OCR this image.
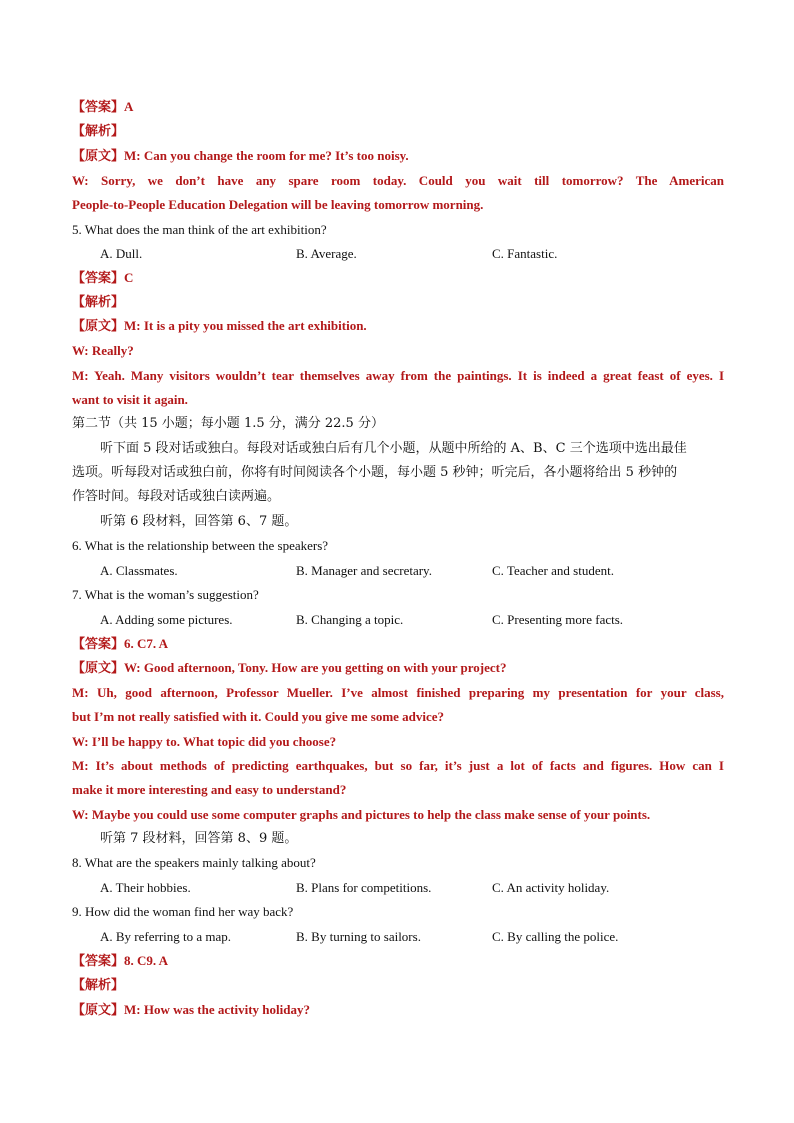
【答案】A
【解析】
【原文】M: Can you change the room for me? It’s too noisy.
W: Sorry, we don’t have any spare room today. Could you wait till tomorrow? The American
People-to-People Education Delegation will be leaving tomorrow morning.
5. What does the man think of the art exhibition?
A. Dull.	B. Average.	C. Fantastic.
【答案】C
【解析】
【原文】M: It is a pity you missed the art exhibition.
W: Really?
M: Yeah. Many visitors wouldn’t tear themselves away from the paintings. It is indeed a great feast of eyes. I
want to visit it again.
第二节（共 15 小题；每小题 1.5 分，满分 22.5 分）
听下面 5 段对话或独白。每段对话或独白后有几个小题，从题中所给的 A、B、C 三个选项中选出最佳
选项。听每段对话或独白前，你将有时间阅读各个小题，每小题 5 秒钟；听完后，各小题将给出 5 秒钟的
作答时间。每段对话或独白读两遍。
听第 6 段材料，回答第 6、7 题。
6. What is the relationship between the speakers?
A. Classmates.	B. Manager and secretary.	C. Teacher and student.
7. What is the woman’s suggestion?
A. Adding some pictures.	B. Changing a topic.	C. Presenting more facts.
【答案】6. C7. A
【原文】W: Good afternoon, Tony. How are you getting on with your project?
M: Uh, good afternoon, Professor Mueller. I’ve almost finished preparing my presentation for your class,
but I’m not really satisfied with it. Could you give me some advice?
W: I’ll be happy to. What topic did you choose?
M: It’s about methods of predicting earthquakes, but so far, it’s just a lot of facts and figures. How can I
make it more interesting and easy to understand?
W: Maybe you could use some computer graphs and pictures to help the class make sense of your points.
听第 7 段材料，回答第 8、9 题。
8. What are the speakers mainly talking about?
A. Their hobbies.	B. Plans for competitions.	C. An activity holiday.
9. How did the woman find her way back?
A. By referring to a map.	B. By turning to sailors.	C. By calling the police.
【答案】8. C9. A
【解析】
【原文】M: How was the activity holiday?
